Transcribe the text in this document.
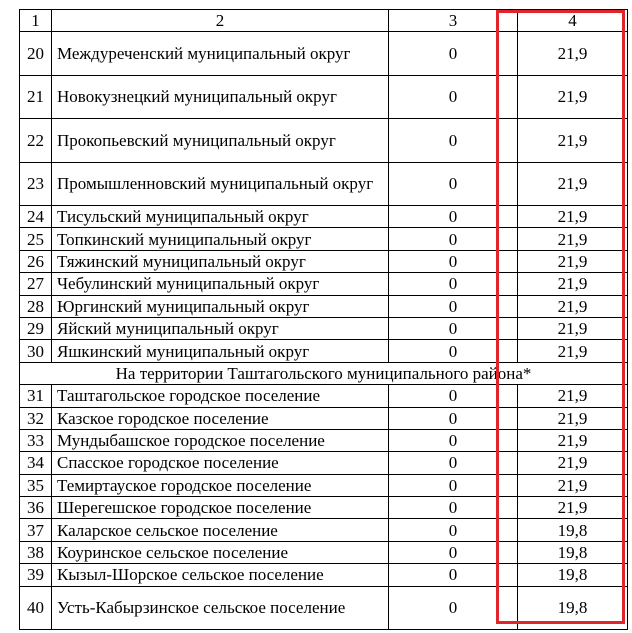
1	2	3	4
20	Междуреченский муниципальный округ	0	21,9
21	Новокузнецкий муниципальный округ	0	21,9
22	Прокопьевский муниципальный округ	0	21,9
23	Промышленновский муниципальный округ	0	21,9
24	Тисульский муниципальный округ	0	21,9
25	Топкинский муниципальный округ	0	21,9
26	Тяжинский муниципальный округ	0	21,9
27	Чебулинский муниципальный округ	0	21,9
28	Юргинский муниципальный округ	0	21,9
29	Яйский муниципальный округ	0	21,9
30	Яшкинский муниципальный округ	0	21,9
На территории Таштагольского муниципального района*			
31	Таштагольское городское поселение	0	21,9
32	Казское городское поселение	0	21,9
33	Мундыбашское городское поселение	0	21,9
34	Спасское городское поселение	0	21,9
35	Темиртауское городское поселение	0	21,9
36	Шерегешское городское поселение	0	21,9
37	Каларское сельское поселение	0	19,8
38	Коуринское сельское поселение	0	19,8
39	Кызыл-Шорское сельское поселение	0	19,8
40	Усть-Кабырзинское сельское поселение	0	19,8
